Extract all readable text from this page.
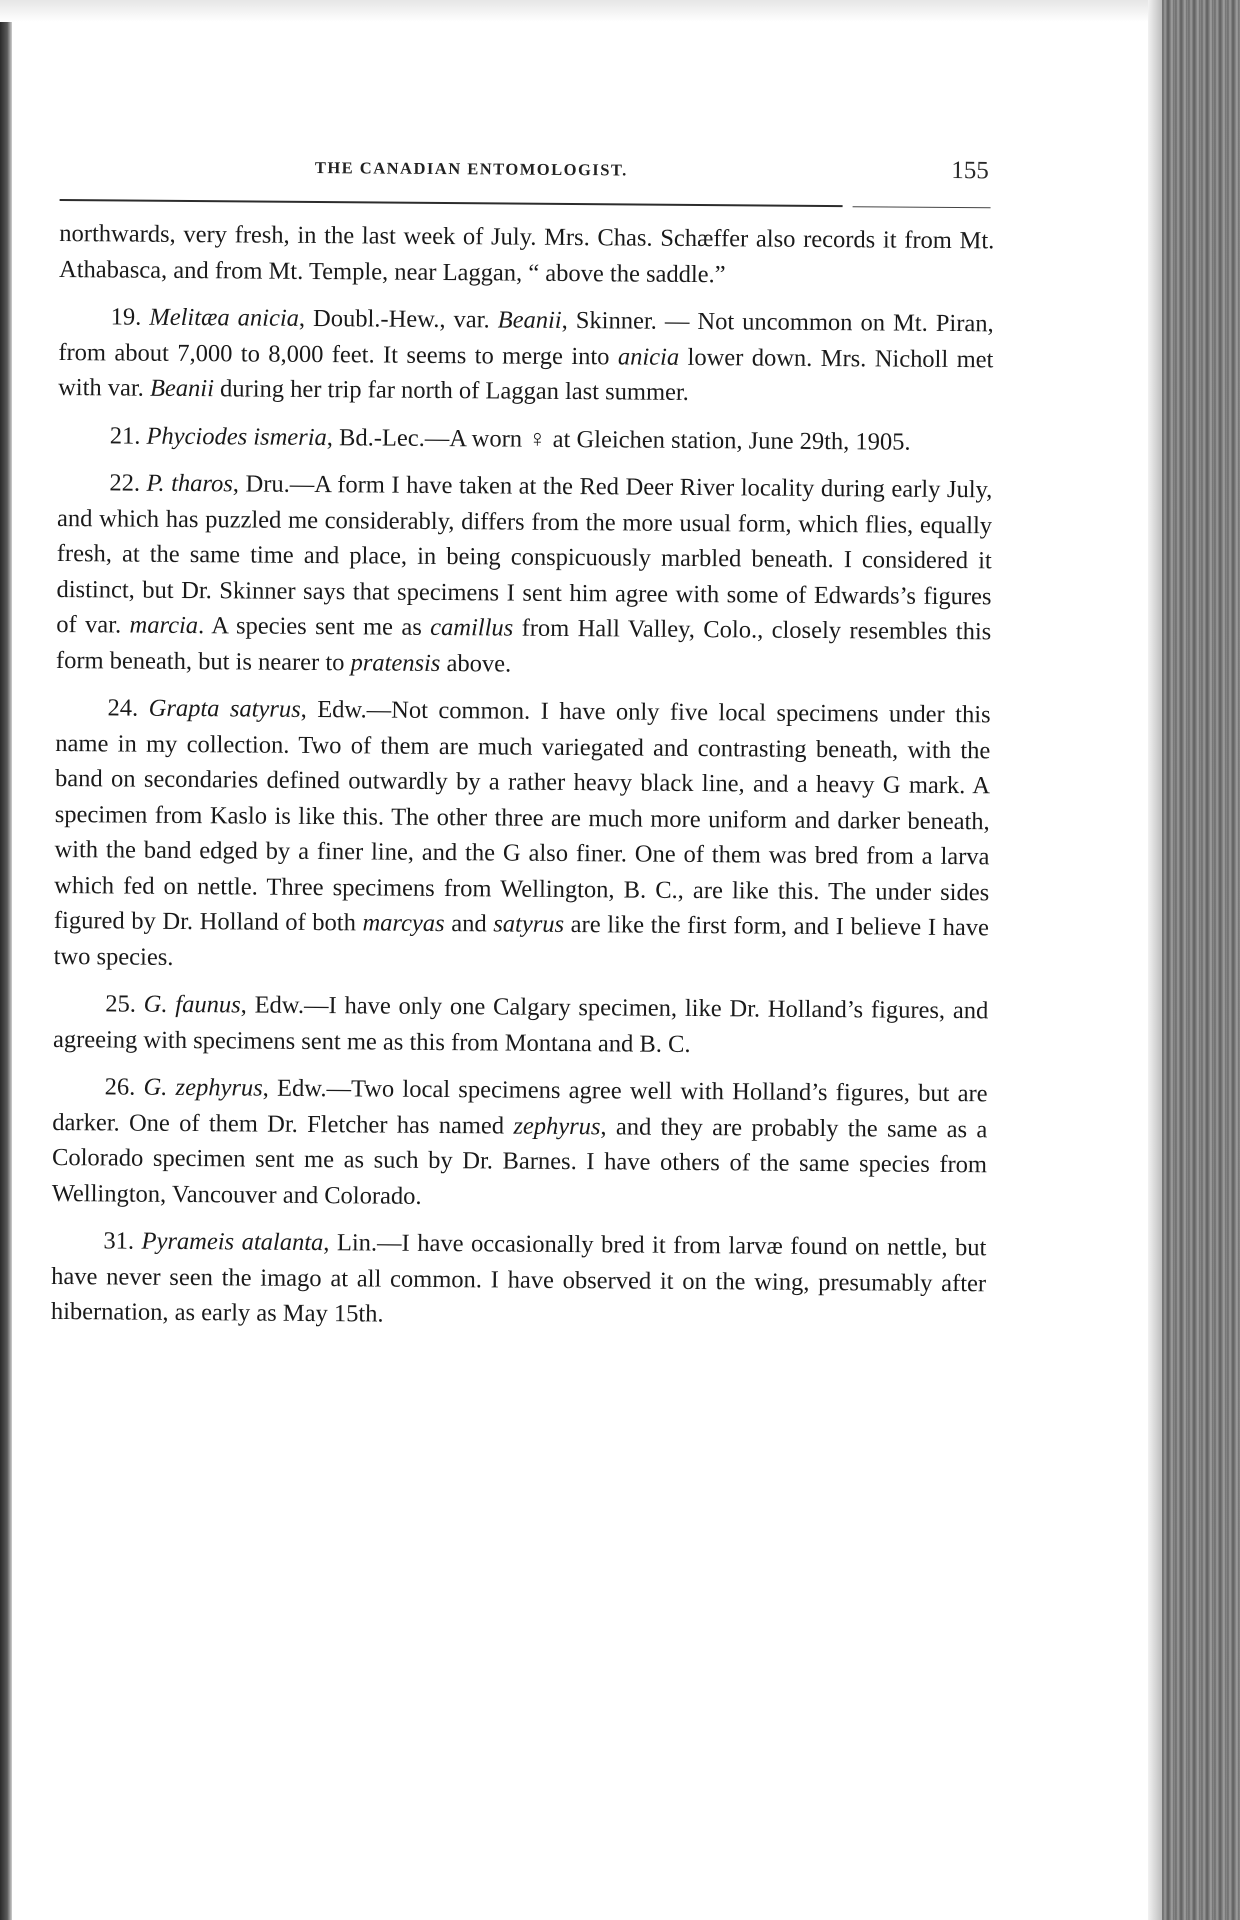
THE CANADIAN ENTOMOLOGIST.	155

northwards, very fresh, in the last week of July. Mrs. Chas. Schæffer also records it from Mt. Athabasca, and from Mt. Temple, near Laggan, “ above the saddle.”

19. Melitæa anicia, Doubl.-Hew., var. Beanii, Skinner. — Not uncommon on Mt. Piran, from about 7,000 to 8,000 feet. It seems to merge into anicia lower down. Mrs. Nicholl met with var. Beanii during her trip far north of Laggan last summer.

21. Phyciodes ismeria, Bd.-Lec.—A worn ♀ at Gleichen station, June 29th, 1905.

22. P. tharos, Dru.—A form I have taken at the Red Deer River locality during early July, and which has puzzled me considerably, differs from the more usual form, which flies, equally fresh, at the same time and place, in being conspicuously marbled beneath. I considered it distinct, but Dr. Skinner says that specimens I sent him agree with some of Edwards’s figures of var. marcia. A species sent me as camillus from Hall Valley, Colo., closely resembles this form beneath, but is nearer to pratensis above.

24. Grapta satyrus, Edw.—Not common. I have only five local specimens under this name in my collection. Two of them are much variegated and contrasting beneath, with the band on secondaries defined outwardly by a rather heavy black line, and a heavy G mark. A specimen from Kaslo is like this. The other three are much more uniform and darker beneath, with the band edged by a finer line, and the G also finer. One of them was bred from a larva which fed on nettle. Three specimens from Wellington, B. C., are like this. The under sides figured by Dr. Holland of both marcyas and satyrus are like the first form, and I believe I have two species.

25. G. faunus, Edw.—I have only one Calgary specimen, like Dr. Holland’s figures, and agreeing with specimens sent me as this from Montana and B. C.

26. G. zephyrus, Edw.—Two local specimens agree well with Holland’s figures, but are darker. One of them Dr. Fletcher has named zephyrus, and they are probably the same as a Colorado specimen sent me as such by Dr. Barnes. I have others of the same species from Wellington, Vancouver and Colorado.

31. Pyrameis atalanta, Lin.—I have occasionally bred it from larvæ found on nettle, but have never seen the imago at all common. I have observed it on the wing, presumably after hibernation, as early as May 15th.
